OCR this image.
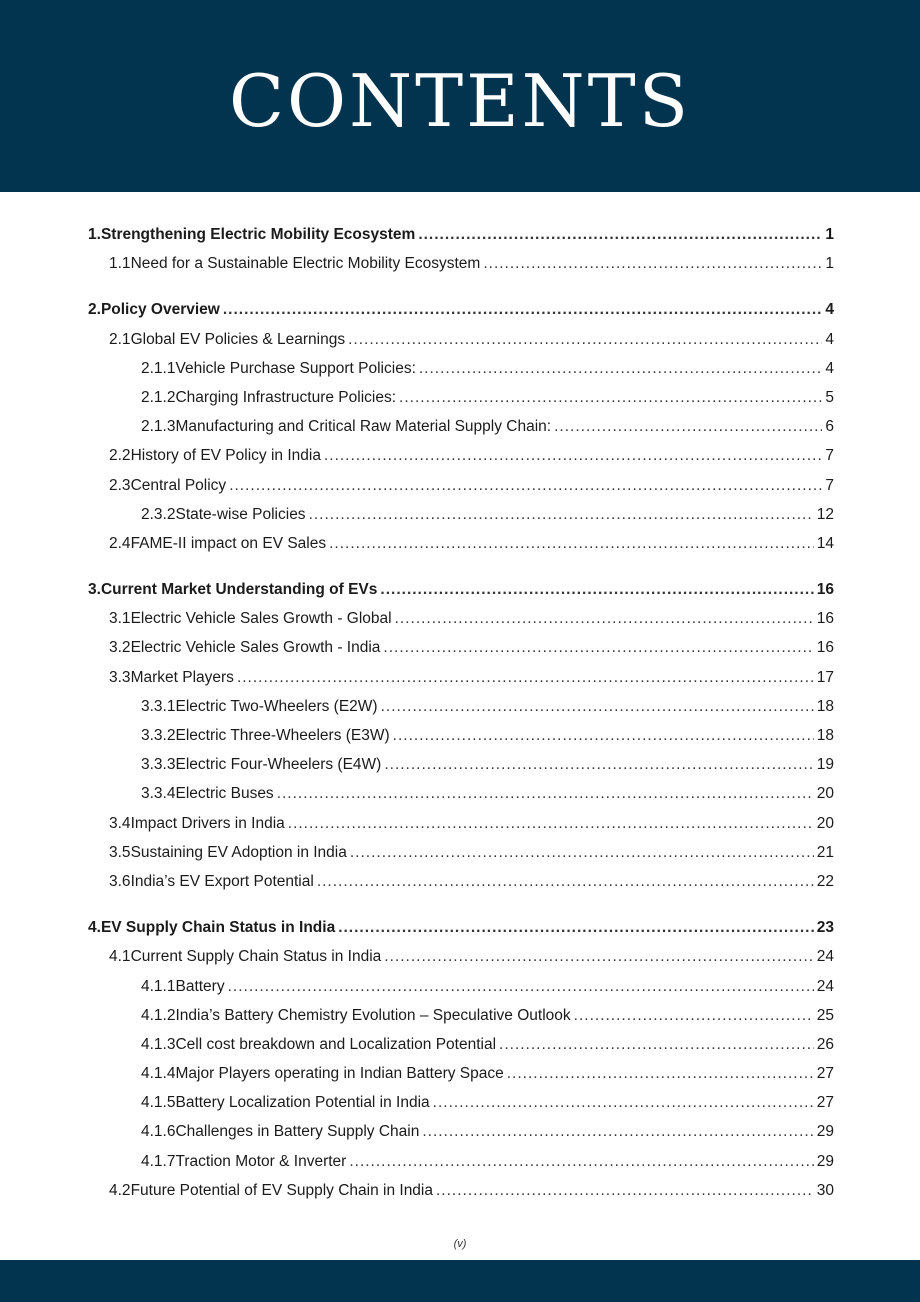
CONTENTS
1. Strengthening Electric Mobility Ecosystem .....	1
1.1 Need for a Sustainable Electric Mobility Ecosystem .....	1
2. Policy Overview .....	4
2.1 Global EV Policies & Learnings .....	4
2.1.1 Vehicle Purchase Support Policies: .....	4
2.1.2 Charging Infrastructure Policies: .....	5
2.1.3 Manufacturing and Critical Raw Material Supply Chain: .....	6
2.2 History of EV Policy in India .....	7
2.3 Central Policy .....	7
2.3.2 State-wise Policies .....	12
2.4 FAME-II impact on EV Sales .....	14
3. Current Market Understanding of EVs .....	16
3.1 Electric Vehicle Sales Growth - Global .....	16
3.2 Electric Vehicle Sales Growth - India .....	16
3.3 Market Players .....	17
3.3.1 Electric Two-Wheelers (E2W) .....	18
3.3.2 Electric Three-Wheelers (E3W) .....	18
3.3.3 Electric Four-Wheelers (E4W) .....	19
3.3.4 Electric Buses .....	20
3.4 Impact Drivers in India .....	20
3.5 Sustaining EV Adoption in India .....	21
3.6 India’s EV Export Potential .....	22
4. EV Supply Chain Status in India .....	23
4.1 Current Supply Chain Status in India .....	24
4.1.1 Battery .....	24
4.1.2 India’s Battery Chemistry Evolution – Speculative Outlook .....	25
4.1.3 Cell cost breakdown and Localization Potential .....	26
4.1.4 Major Players operating in Indian Battery Space .....	27
4.1.5 Battery Localization Potential in India .....	27
4.1.6 Challenges in Battery Supply Chain .....	29
4.1.7 Traction Motor & Inverter .....	29
4.2 Future Potential of EV Supply Chain in India .....	30
(v)
